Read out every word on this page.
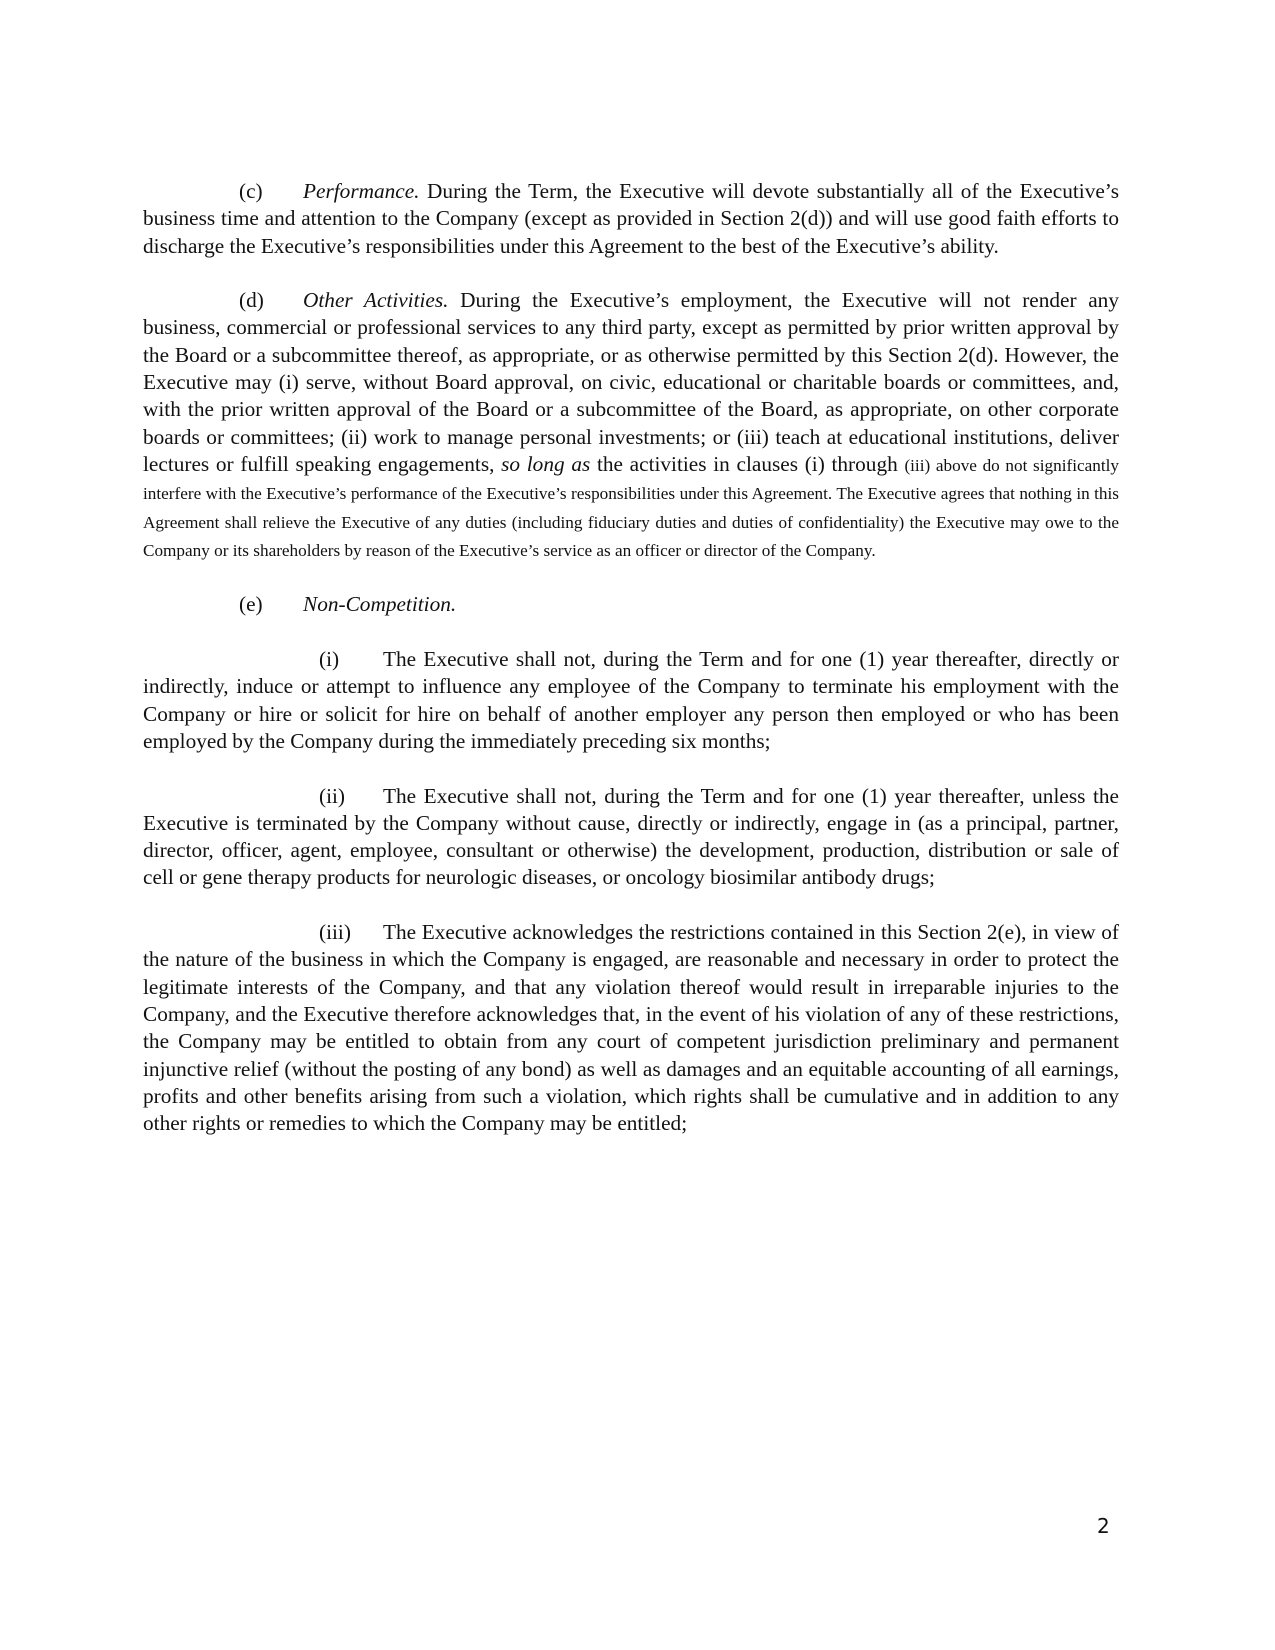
(c) Performance. During the Term, the Executive will devote substantially all of the Executive’s business time and attention to the Company (except as provided in Section 2(d)) and will use good faith efforts to discharge the Executive’s responsibilities under this Agreement to the best of the Executive’s ability.

(d) Other Activities. During the Executive’s employment, the Executive will not render any business, commercial or professional services to any third party, except as permitted by prior written approval by the Board or a subcommittee thereof, as appropriate, or as otherwise permitted by this Section 2(d). However, the Executive may (i) serve, without Board approval, on civic, educational or charitable boards or committees, and, with the prior written approval of the Board or a subcommittee of the Board, as appropriate, on other corporate boards or committees; (ii) work to manage personal investments; or (iii) teach at educational institutions, deliver lectures or fulfill speaking engagements, so long as the activities in clauses (i) through (iii) above do not significantly interfere with the Executive’s performance of the Executive’s responsibilities under this Agreement. The Executive agrees that nothing in this Agreement shall relieve the Executive of any duties (including fiduciary duties and duties of confidentiality) the Executive may owe to the Company or its shareholders by reason of the Executive’s service as an officer or director of the Company.

(e) Non-Competition.

(i) The Executive shall not, during the Term and for one (1) year thereafter, directly or indirectly, induce or attempt to influence any employee of the Company to terminate his employment with the Company or hire or solicit for hire on behalf of another employer any person then employed or who has been employed by the Company during the immediately preceding six months;

(ii) The Executive shall not, during the Term and for one (1) year thereafter, unless the Executive is terminated by the Company without cause, directly or indirectly, engage in (as a principal, partner, director, officer, agent, employee, consultant or otherwise) the development, production, distribution or sale of cell or gene therapy products for neurologic diseases, or oncology biosimilar antibody drugs;

(iii) The Executive acknowledges the restrictions contained in this Section 2(e), in view of the nature of the business in which the Company is engaged, are reasonable and necessary in order to protect the legitimate interests of the Company, and that any violation thereof would result in irreparable injuries to the Company, and the Executive therefore acknowledges that, in the event of his violation of any of these restrictions, the Company may be entitled to obtain from any court of competent jurisdiction preliminary and permanent injunctive relief (without the posting of any bond) as well as damages and an equitable accounting of all earnings, profits and other benefits arising from such a violation, which rights shall be cumulative and in addition to any other rights or remedies to which the Company may be entitled;

2
